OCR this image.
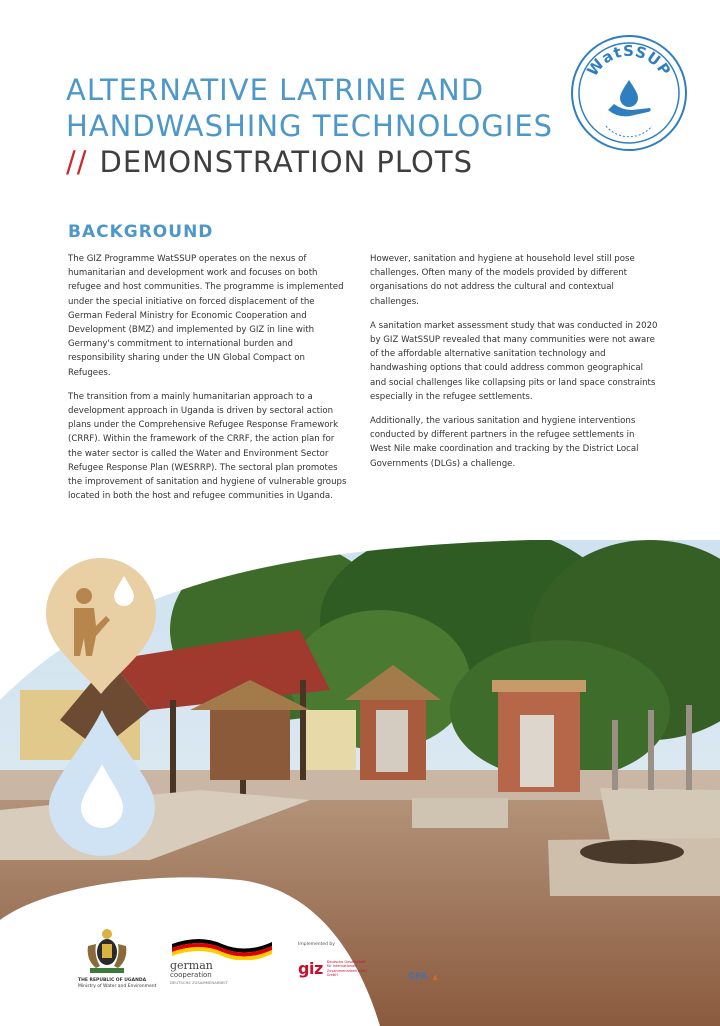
ALTERNATIVE LATRINE AND
HANDWASHING TECHNOLOGIES
// DEMONSTRATION PLOTS
WatSSUP
BACKGROUND

The GIZ Programme WatSSUP operates on the nexus of humanitarian and development work and focuses on both refugee and host communities. The programme is implemented under the special initiative on forced displacement of the German Federal Ministry for Economic Cooperation and Development (BMZ) and implemented by GIZ in line with Germany's commitment to international burden and responsibility sharing under the UN Global Compact on Refugees.

The transition from a mainly humanitarian approach to a development approach in Uganda is driven by sectoral action plans under the Comprehensive Refugee Response Framework (CRRF). Within the framework of the CRRF, the action plan for the water sector is called the Water and Environment Sector Refugee Response Plan (WESRRP). The sectoral plan promotes the improvement of sanitation and hygiene of vulnerable groups located in both the host and refugee communities in Uganda.

However, sanitation and hygiene at household level still pose challenges. Often many of the models provided by different organisations do not address the cultural and contextual challenges.

A sanitation market assessment study that was conducted in 2020 by GIZ WatSSUP revealed that many communities were not aware of the affordable alternative sanitation technology and handwashing options that could address common geographical and social challenges like collapsing pits or land space constraints especially in the refugee settlements.

Additionally, the various sanitation and hygiene interventions conducted by different partners in the refugee settlements in West Nile make coordination and tracking by the District Local Governments (DLGs) a challenge.

THE REPUBLIC OF UGANDA
Ministry of Water and Environment
german
cooperation
DEUTSCHE ZUSAMMENARBEIT
Implemented by
giz Deutsche Gesellschaft für Internationale Zusammenarbeit (GIZ) GmbH	GFA ▲
